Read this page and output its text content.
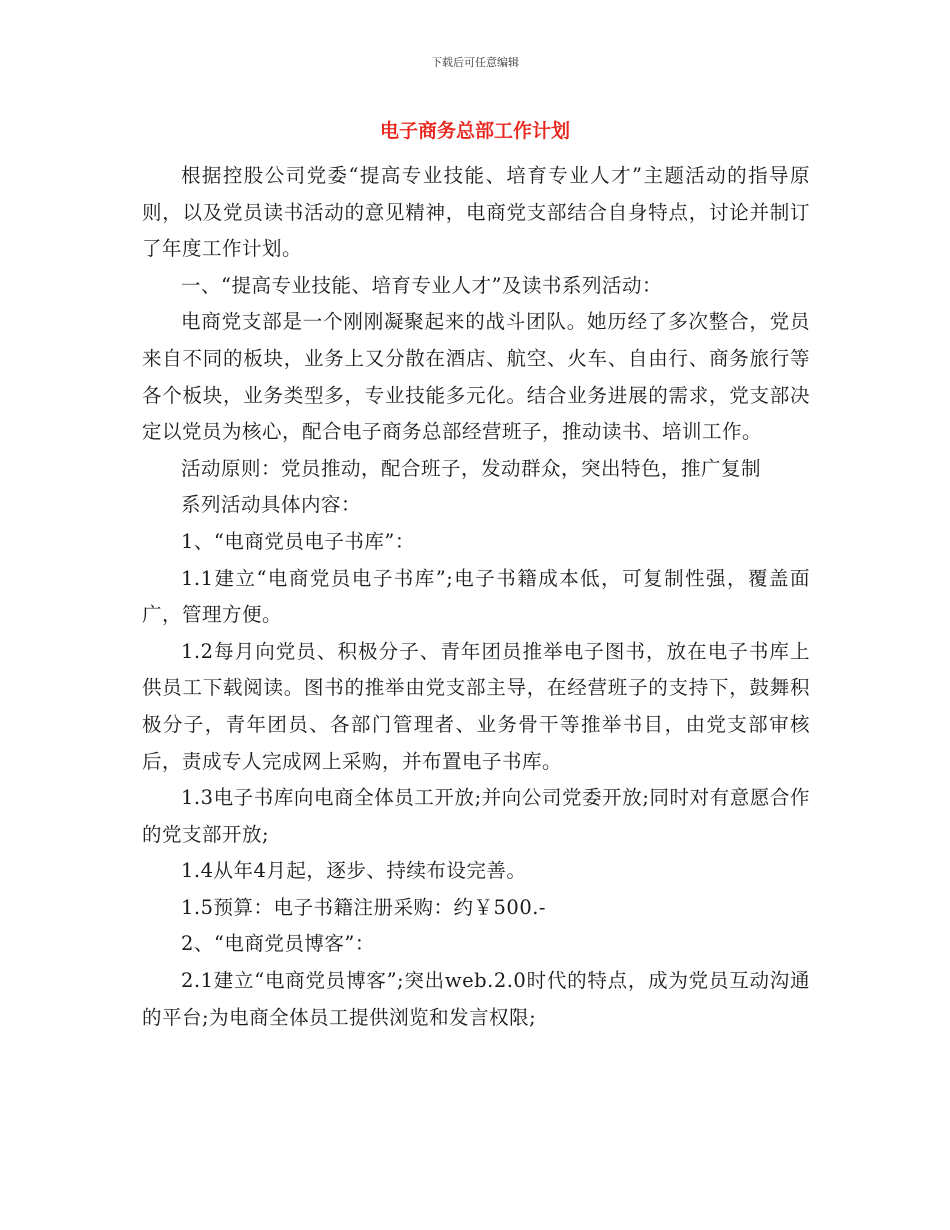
下载后可任意编辑
电子商务总部工作计划

根据控股公司党委“提高专业技能、培育专业人才”主题活动的指导原则，以及党员读书活动的意见精神，电商党支部结合自身特点，讨论并制订了年度工作计划。

一、“提高专业技能、培育专业人才”及读书系列活动：

电商党支部是一个刚刚凝聚起来的战斗团队。她历经了多次整合，党员来自不同的板块，业务上又分散在酒店、航空、火车、自由行、商务旅行等各个板块，业务类型多，专业技能多元化。结合业务进展的需求，党支部决定以党员为核心，配合电子商务总部经营班子，推动读书、培训工作。

活动原则：党员推动，配合班子，发动群众，突出特色，推广复制

系列活动具体内容：

1、“电商党员电子书库”：

1.1建立“电商党员电子书库”;电子书籍成本低，可复制性强，覆盖面广，管理方便。

1.2每月向党员、积极分子、青年团员推举电子图书，放在电子书库上供员工下载阅读。图书的推举由党支部主导，在经营班子的支持下，鼓舞积极分子，青年团员、各部门管理者、业务骨干等推举书目，由党支部审核后，责成专人完成网上采购，并布置电子书库。

1.3电子书库向电商全体员工开放;并向公司党委开放;同时对有意愿合作的党支部开放;

1.4从年4月起，逐步、持续布设完善。

1.5预算：电子书籍注册采购：约￥500.-

2、“电商党员博客”：

2.1建立“电商党员博客”;突出web.2.0时代的特点，成为党员互动沟通的平台;为电商全体员工提供浏览和发言权限;
